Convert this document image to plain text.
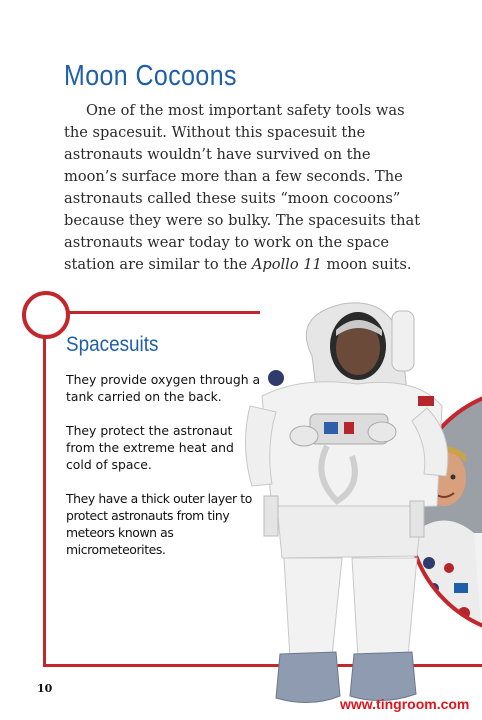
Moon Cocoons

One of the most important safety tools was the spacesuit. Without this spacesuit the astronauts wouldn’t have survived on the moon’s surface more than a few seconds. The astronauts called these suits “moon cocoons” because they were so bulky. The spacesuits that astronauts wear today to work on the space station are similar to the Apollo 11 moon suits.

Spacesuits

They provide oxygen through a tank carried on the back.

They protect the astronaut from the extreme heat and cold of space.

They have a thick outer layer to protect astronauts from tiny meteors known as micrometeorites.

10
www.tingroom.com
